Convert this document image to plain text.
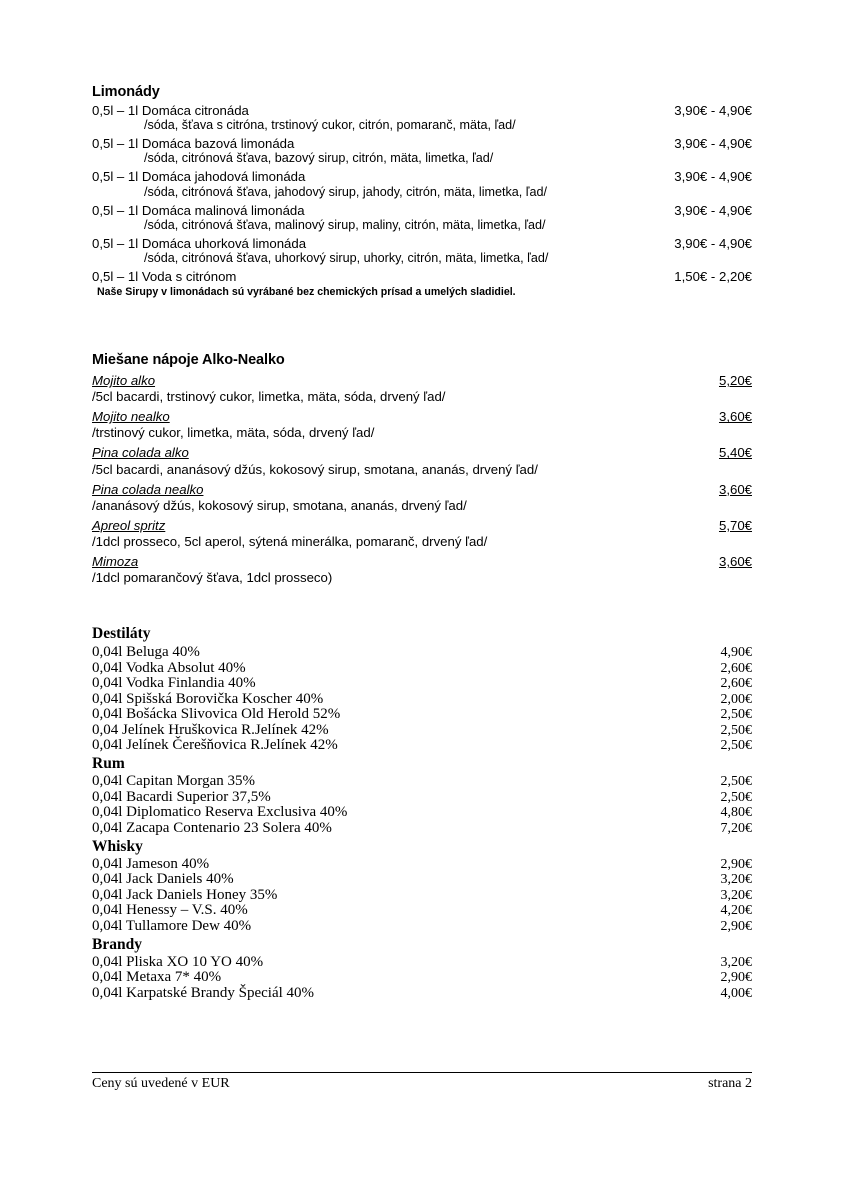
Limonády
0,5l – 1l Domáca citronáda	3,90€ - 4,90€
/sóda, šťava s citróna, trstinový cukor, citrón, pomaranč, mäta, ľad/
0,5l – 1l Domáca bazová limonáda	3,90€ - 4,90€
/sóda, citrónová šťava, bazový sirup, citrón, mäta, limetka, ľad/
0,5l – 1l Domáca jahodová limonáda	3,90€ - 4,90€
/sóda, citrónová šťava, jahodový sirup, jahody, citrón, mäta, limetka, ľad/
0,5l – 1l Domáca malinová limonáda	3,90€ - 4,90€
/sóda, citrónová šťava, malinový sirup, maliny, citrón, mäta, limetka, ľad/
0,5l – 1l Domáca uhorková limonáda	3,90€ - 4,90€
/sóda, citrónová šťava, uhorkový sirup, uhorky, citrón, mäta, limetka, ľad/
0,5l – 1l Voda s citrónom	1,50€ - 2,20€
Naše Sirupy v limonádach sú vyrábané bez chemických prísad a umelých sladidiel.
Miešane nápoje Alko-Nealko
Mojito alko	5,20€
/5cl bacardi, trstinový cukor, limetka, mäta, sóda, drvený ľad/
Mojito nealko	3,60€
/trstinový cukor, limetka, mäta, sóda, drvený ľad/
Pina colada alko	5,40€
/5cl bacardi, ananásový džús, kokosový sirup, smotana, ananás, drvený ľad/
Pina colada nealko	3,60€
/ananásový džús, kokosový sirup, smotana, ananás, drvený ľad/
Apreol spritz	5,70€
/1dcl prosseco, 5cl aperol, sýtená minerálka, pomaranč, drvený ľad/
Mimoza	3,60€
/1dcl pomarančový šťava, 1dcl prosseco)
Destiláty
0,04l Beluga 40%	4,90€
0,04l Vodka Absolut 40%	2,60€
0,04l Vodka Finlandia 40%	2,60€
0,04l Spišská Borovička Koscher 40%	2,00€
0,04l Bošácka Slivovica Old Herold 52%	2,50€
0,04 Jelínek Hruškovica R.Jelínek 42%	2,50€
0,04l Jelínek Čerešňovica R.Jelínek 42%	2,50€
Rum
0,04l Capitan Morgan 35%	2,50€
0,04l Bacardi Superior 37,5%	2,50€
0,04l Diplomatico Reserva Exclusiva 40%	4,80€
0,04l Zacapa Contenario 23 Solera 40%	7,20€
Whisky
0,04l Jameson 40%	2,90€
0,04l Jack Daniels 40%	3,20€
0,04l Jack Daniels Honey 35%	3,20€
0,04l Henessy – V.S. 40%	4,20€
0,04l Tullamore Dew 40%	2,90€
Brandy
0,04l Pliska XO 10 YO 40%	3,20€
0,04l Metaxa 7* 40%	2,90€
0,04l Karpatské Brandy Špeciál 40%	4,00€
Ceny sú uvedené v EUR	strana 2
